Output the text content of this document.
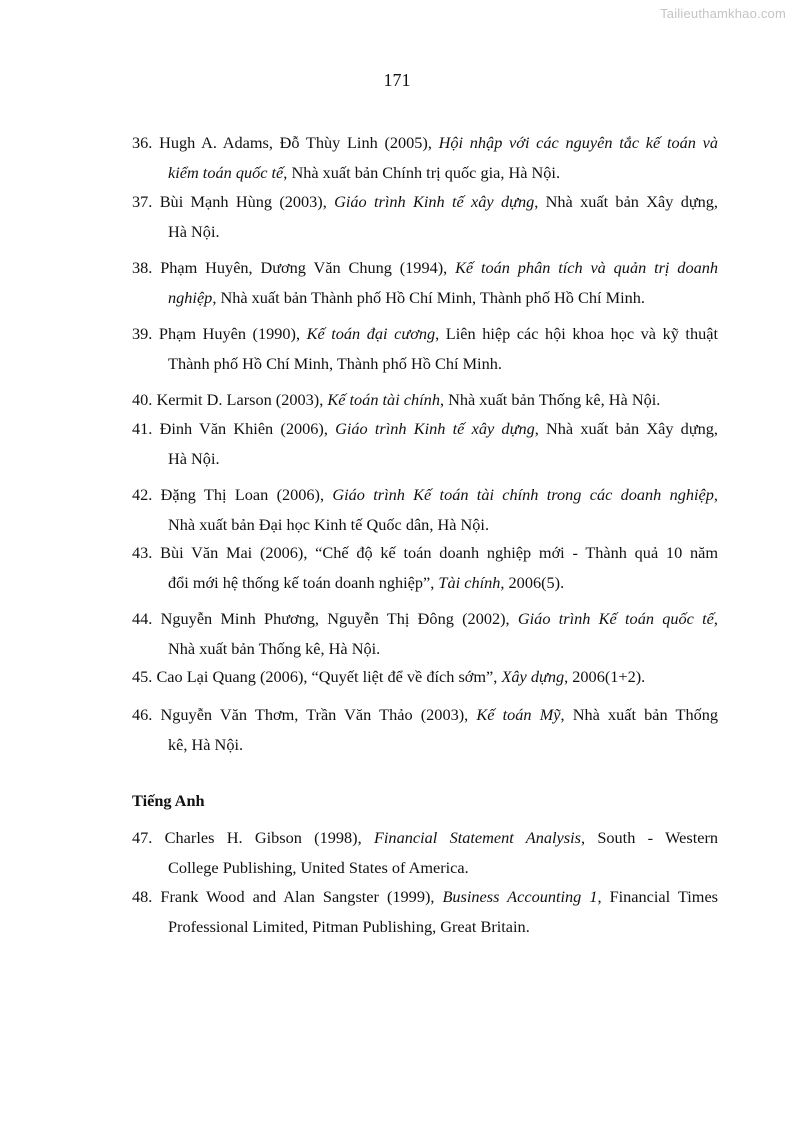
Tailieuthamkhao.com
171
36. Hugh A. Adams, Đỗ Thùy Linh (2005), Hội nhập với các nguyên tắc kế toán và
kiểm toán quốc tế, Nhà xuất bản Chính trị quốc gia, Hà Nội.
37. Bùi Mạnh Hùng (2003), Giáo trình Kinh tế xây dựng, Nhà xuất bản Xây dựng,
Hà Nội.
38. Phạm Huyên, Dương Văn Chung (1994), Kế toán phân tích và quản trị doanh
nghiệp, Nhà xuất bản Thành phố Hồ Chí Minh, Thành phố Hồ Chí Minh.
39. Phạm Huyên (1990), Kế toán đại cương, Liên hiệp các hội khoa học và kỹ thuật
Thành phố Hồ Chí Minh, Thành phố Hồ Chí Minh.
40. Kermit D. Larson (2003), Kế toán tài chính, Nhà xuất bản Thống kê, Hà Nội.
41. Đinh Văn Khiên (2006), Giáo trình Kinh tế xây dựng, Nhà xuất bản Xây dựng,
Hà Nội.
42. Đặng Thị Loan (2006), Giáo trình Kế toán tài chính trong các doanh nghiệp,
Nhà xuất bản Đại học Kinh tế Quốc dân, Hà Nội.
43. Bùi Văn Mai (2006), “Chế độ kế toán doanh nghiệp mới - Thành quả 10 năm
đổi mới hệ thống kế toán doanh nghiệp”, Tài chính, 2006(5).
44. Nguyễn Minh Phương, Nguyễn Thị Đông (2002), Giáo trình Kế toán quốc tế,
Nhà xuất bản Thống kê, Hà Nội.
45. Cao Lại Quang (2006), “Quyết liệt để về đích sớm”, Xây dựng, 2006(1+2).
46. Nguyễn Văn Thơm, Trần Văn Thảo (2003), Kế toán Mỹ, Nhà xuất bản Thống
kê, Hà Nội.
Tiếng Anh
47. Charles H. Gibson (1998), Financial Statement Analysis, South - Western
College Publishing, United States of America.
48. Frank Wood and Alan Sangster (1999), Business Accounting 1, Financial Times
Professional Limited, Pitman Publishing, Great Britain.
